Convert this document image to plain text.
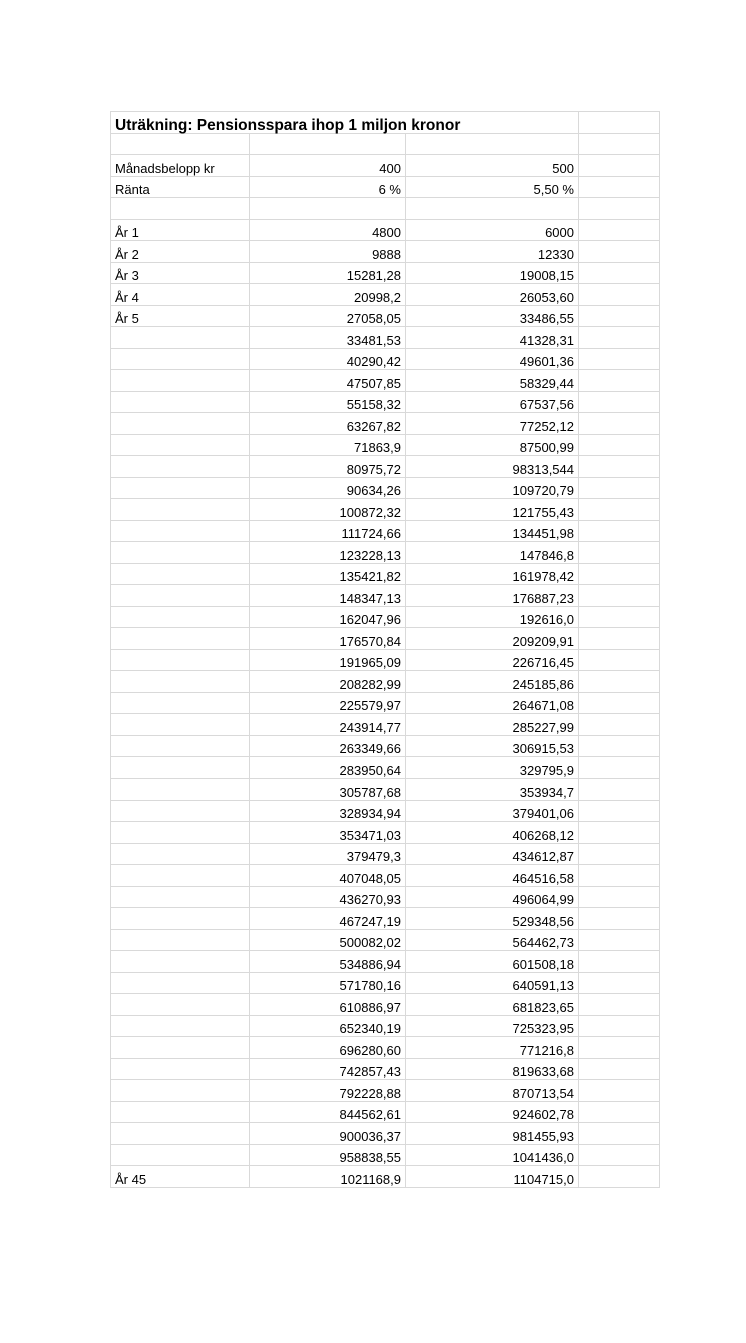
Uträkning: Pensionsspara ihop 1 miljon kronor			

Månadsbelopp kr	400	500	
Ränta	6 %	5,50 %	

År 1	4800	6000	
År 2	9888	12330	
År 3	15281,28	19008,15	
År 4	20998,2	26053,60	
År 5	27058,05	33486,55	
	33481,53	41328,31	
	40290,42	49601,36	
	47507,85	58329,44	
	55158,32	67537,56	
	63267,82	77252,12	
	71863,9	87500,99	
	80975,72	98313,544	
	90634,26	109720,79	
	100872,32	121755,43	
	111724,66	134451,98	
	123228,13	147846,8	
	135421,82	161978,42	
	148347,13	176887,23	
	162047,96	192616,0	
	176570,84	209209,91	
	191965,09	226716,45	
	208282,99	245185,86	
	225579,97	264671,08	
	243914,77	285227,99	
	263349,66	306915,53	
	283950,64	329795,9	
	305787,68	353934,7	
	328934,94	379401,06	
	353471,03	406268,12	
	379479,3	434612,87	
	407048,05	464516,58	
	436270,93	496064,99	
	467247,19	529348,56	
	500082,02	564462,73	
	534886,94	601508,18	
	571780,16	640591,13	
	610886,97	681823,65	
	652340,19	725323,95	
	696280,60	771216,8	
	742857,43	819633,68	
	792228,88	870713,54	
	844562,61	924602,78	
	900036,37	981455,93	
	958838,55	1041436,0	
År 45	1021168,9	1104715,0	
